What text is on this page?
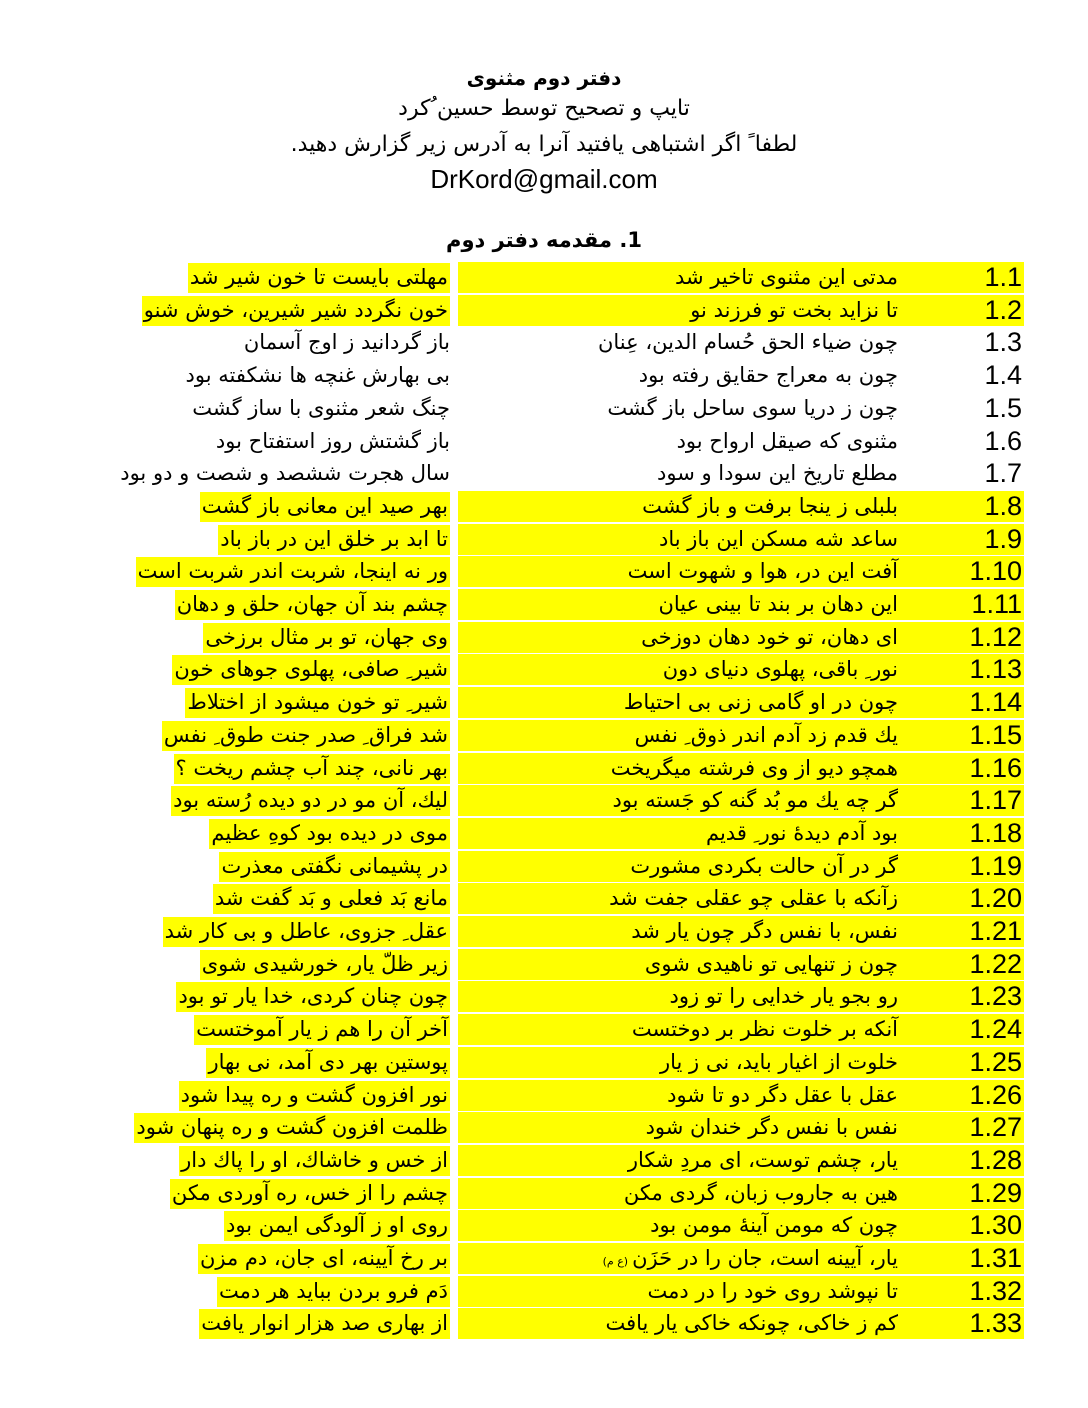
دفتر دوم مثنوی
تایپ و تصحیح توسط حسین ُکرد
لطفا ً اگر اشتباهی یافتید آنرا به آدرس زیر گزارش دهید.
DrKord@gmail.com
1. مقدمه دفتر دوم
1.1
مدتی این مثنوی تاخیر شد
مهلتی بایست تا خون شیر شد
1.2
تا نزاید بخت تو فرزند نو
خون نگردد شیر شیرین، خوش شنو
1.3
چون ضیاء الحق حُسام الدین، عِنان
باز گردانید ز اوج آسمان
1.4
چون به معراج حقایق رفته بود
بی بهارش غنچه ها نشکفته بود
1.5
چون ز دریا سوی ساحل باز گشت
چنگ شعر مثنوی با ساز گشت
1.6
مثنوی که صیقل ارواح بود
باز گشتش روز استفتاح بود
1.7
مطلع تاریخ این سودا و سود
سال هجرت ششصد و شصت و دو بود
1.8
بلبلی ز ینجا برفت و باز گشت
بهر صید این معانی باز گشت
1.9
ساعد شه مسکن این باز باد
تا ابد بر خلق این در باز باد
1.10
آفت این در، هوا و شهوت است
ور نه اینجا، شربت اندر شربت است
1.11
این دهان بر بند تا بینی عیان
چشم بند آن جهان، حلق و دهان
1.12
ای دهان، تو خود دهان دوزخی
وی جهان، تو بر مثال برزخی
1.13
نور ِ باقی، پهلوی دنیای دون
شیر ِ صافی، پهلوی جوهای خون
1.14
چون در او گامی زنی بی احتیاط
شیر ِ تو خون میشود از اختلاط
1.15
یك قدم زد آدم اندر ذوق ِ نفس
شد فراق ِ صدر جنت طوق ِ نفس
1.16
همچو دیو از وی فرشته میگریخت
بهر نانی، چند آب چشم ریخت ؟
1.17
گر چه یك مو بُد گنه کو جَسته بود
لیك، آن مو در دو دیده رُسته بود
1.18
بود آدم دیدهٔ نور ِ قدیم
موی در دیده بود کوهِ عظیم
1.19
گر در آن حالت بکردی مشورت
در پشیمانی نگفتی معذرت
1.20
زآنکه با عقلی چو عقلی جفت شد
مانع بَد فعلی و بَد گفت شد
1.21
نفس، با نفس دگر چون یار شد
عقل ِ جزوی، عاطل و بی کار شد
1.22
چون ز تنهایی تو ناهیدی شوی
زیر ظلّ یار، خورشیدی شوی
1.23
رو بجو یار خدایی را تو زود
چون چنان کردی، خدا یار تو بود
1.24
آنکه بر خلوت نظر بر دوختست
آخر آن را هم ز یار آموختست
1.25
خلوت از اغیار باید، نی ز یار
پوستین بهر دی آمد، نی بهار
1.26
عقل با عقل دگر دو تا شود
نور افزون گشت و ره پیدا شود
1.27
نفس با نفس دگر خندان شود
ظلمت افزون گشت و ره پنهان شود
1.28
یار، چشم توست، ای مردِ شکار
از خس و خاشاك، او را پاك دار
1.29
هین به جاروب زبان، گردی مکن
چشم را از خس، ره آوردی مکن
1.30
چون که مومن آینهٔ مومن بود
روی او ز آلودگی ایمن بود
1.31
یار، آیینه است، جان را در حَزَن(ع م)
بر رخ آیینه، ای جان، دم مزن
1.32
تا نپوشد روی خود را در دمت
دَم فرو بردن بباید هر دمت
1.33
کم ز خاکی، چونکه خاکی یار یافت
از بهاری صد هزار انوار یافت
